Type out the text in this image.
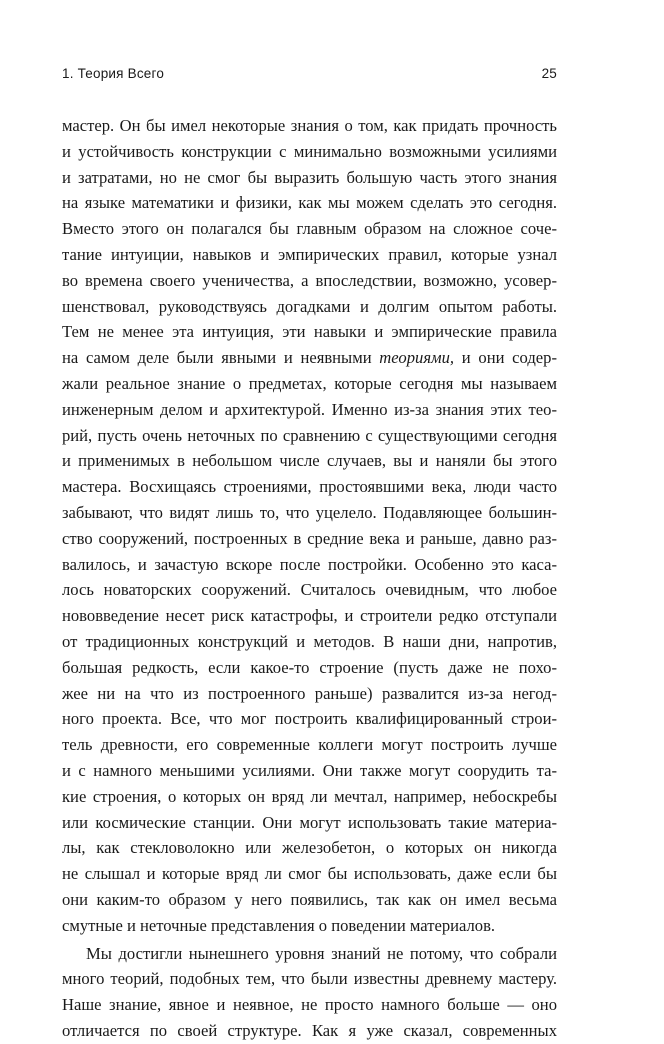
1. Теория Всего	25
мастер. Он бы имел некоторые знания о том, как придать прочность
и устойчивость конструкции с минимально возможными усилиями
и затратами, но не смог бы выразить большую часть этого знания
на языке математики и физики, как мы можем сделать это сегодня.
Вместо этого он полагался бы главным образом на сложное сочe-
тание интуиции, навыков и эмпирических правил, которые узнал
во времена своего ученичества, а впоследствии, возможно, усовер-
шенствовал, руководствуясь догадками и долгим опытом работы.
Тем не менее эта интуиция, эти навыки и эмпирические правила
на самом деле были явными и неявными теориями, и они содер-
жали реальное знание о предметах, которые сегодня мы называем
инженерным делом и архитектурой. Именно из-за знания этих тео-
рий, пусть очень неточных по сравнению с существующими сегодня
и применимых в небольшом числе случаев, вы и наняли бы этого
мастера. Восхищаясь строениями, простоявшими века, люди часто
забывают, что видят лишь то, что уцелело. Подавляющее большин-
ство сооружений, построенных в средние века и раньше, давно раз-
валилось, и зачастую вскоре после постройки. Особенно это каса-
лось новаторских сооружений. Считалось очевидным, что любое
нововведение несет риск катастрофы, и строители редко отступали
от традиционных конструкций и методов. В наши дни, напротив,
большая редкость, если какое-то строение (пусть даже не похо-
жее ни на что из построенного раньше) развалится из-за негод-
ного проекта. Все, что мог построить квалифицированный строи-
тель древности, его современные коллеги могут построить лучше
и с намного меньшими усилиями. Они также могут соорудить та-
кие строения, о которых он вряд ли мечтал, например, небоскребы
или космические станции. Они могут использовать такие материа-
лы, как стекловолокно или железобетон, о которых он никогда
не слышал и которые вряд ли смог бы использовать, даже если бы
они каким-то образом у него появились, так как он имел весьма
смутные и неточные представления о поведении материалов.
Мы достигли нынешнего уровня знаний не потому, что собрали
много теорий, подобных тем, что были известны древнему мастеру.
Наше знание, явное и неявное, не просто намного больше — оно
отличается по своей структуре. Как я уже сказал, современных
